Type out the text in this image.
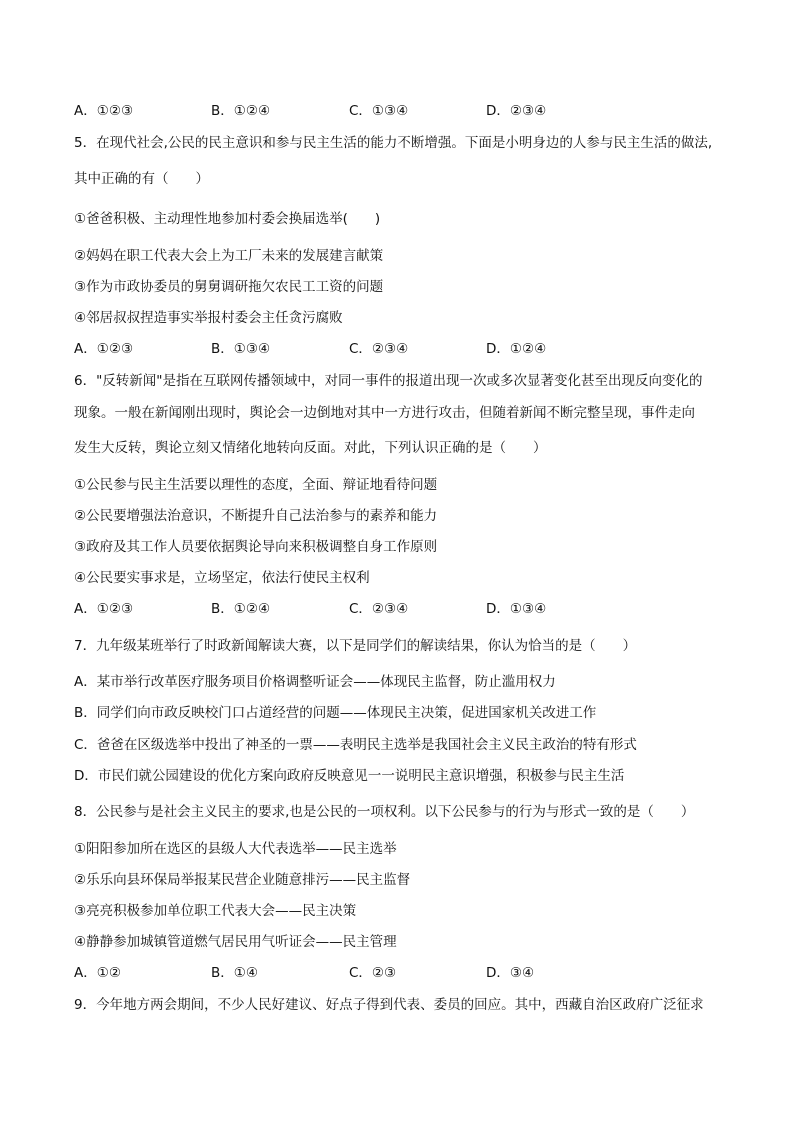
A．①②③	B．①②④	C．①③④	D．②③④
5．在现代社会,公民的民主意识和参与民主生活的能力不断增强。下面是小明身边的人参与民主生活的做法,
其中正确的有（　　）
①爸爸积极、主动理性地参加村委会换届选举(　　)
②妈妈在职工代表大会上为工厂未来的发展建言献策
③作为市政协委员的舅舅调研拖欠农民工工资的问题
④邻居叔叔捏造事实举报村委会主任贪污腐败
A．①②③	B．①③④	C．②③④	D．①②④
6．"反转新闻"是指在互联网传播领域中，对同一事件的报道出现一次或多次显著变化甚至出现反向变化的
现象。一般在新闻刚出现时，舆论会一边倒地对其中一方进行攻击，但随着新闻不断完整呈现，事件走向
发生大反转，舆论立刻又情绪化地转向反面。对此，下列认识正确的是（　　）
①公民参与民主生活要以理性的态度，全面、辩证地看待问题
②公民要增强法治意识，不断提升自己法治参与的素养和能力
③政府及其工作人员要依据舆论导向来积极调整自身工作原则
④公民要实事求是，立场坚定，依法行使民主权利
A．①②③	B．①②④	C．②③④	D．①③④
7．九年级某班举行了时政新闻解读大赛，以下是同学们的解读结果，你认为恰当的是（　　）
A．某市举行改革医疗服务项目价格调整听证会——体现民主监督，防止滥用权力
B．同学们向市政反映校门口占道经营的问题——体现民主决策，促进国家机关改进工作
C．爸爸在区级选举中投出了神圣的一票——表明民主选举是我国社会主义民主政治的特有形式
D．市民们就公园建设的优化方案向政府反映意见一一说明民主意识增强，积极参与民主生活
8．公民参与是社会主义民主的要求,也是公民的一项权利。以下公民参与的行为与形式一致的是（　　）
①阳阳参加所在选区的县级人大代表选举——民主选举
②乐乐向县环保局举报某民营企业随意排污——民主监督
③亮亮积极参加单位职工代表大会——民主决策
④静静参加城镇管道燃气居民用气听证会——民主管理
A．①②	B．①④	C．②③	D．③④
9．今年地方两会期间，不少人民好建议、好点子得到代表、委员的回应。其中，西藏自治区政府广泛征求
